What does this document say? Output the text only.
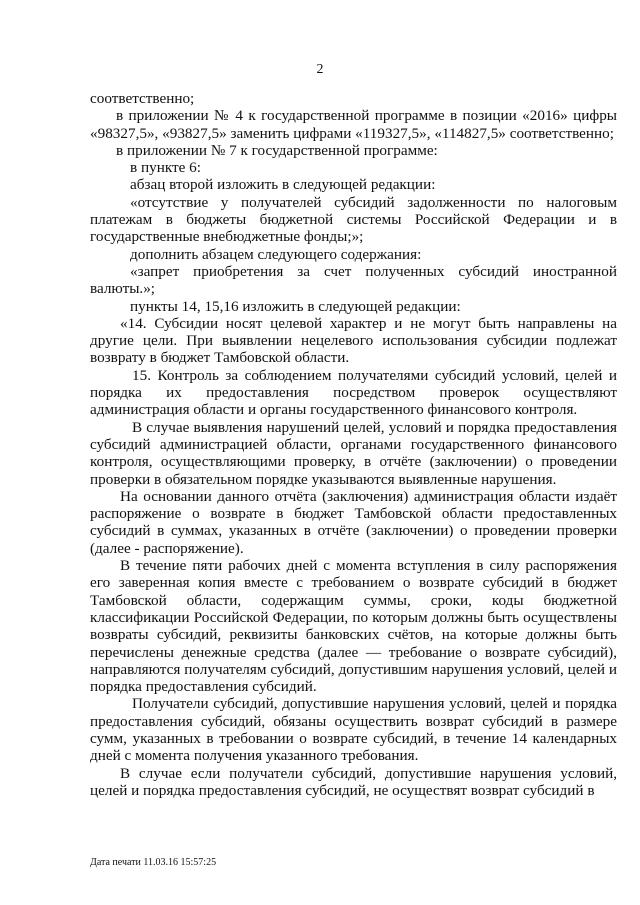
2

соответственно;

в приложении № 4 к государственной программе в позиции «2016» цифры «98327,5», «93827,5» заменить цифрами «119327,5», «114827,5» соответственно;

в приложении № 7 к государственной программе:

в пункте 6:

абзац второй изложить в следующей редакции:

«отсутствие у получателей субсидий задолженности по налоговым платежам в бюджеты бюджетной системы Российской Федерации и в государственные внебюджетные фонды;»;

дополнить абзацем следующего содержания:

«запрет приобретения за счет полученных субсидий иностранной валюты.»;

пункты 14, 15,16 изложить в следующей редакции:

«14. Субсидии носят целевой характер и не могут быть направлены на другие цели. При выявлении нецелевого использования субсидии подлежат возврату в бюджет Тамбовской области.

15. Контроль за соблюдением получателями субсидий условий, целей и порядка их предоставления посредством проверок осуществляют администрация области и органы государственного финансового контроля.

В случае выявления нарушений целей, условий и порядка предоставления субсидий администрацией области, органами государственного финансового контроля, осуществляющими проверку, в отчёте (заключении) о проведении проверки в обязательном порядке указываются выявленные нарушения.

На основании данного отчёта (заключения) администрация области издаёт распоряжение о возврате в бюджет Тамбовской области предоставленных субсидий в суммах, указанных в отчёте (заключении) о проведении проверки (далее - распоряжение).

В течение пяти рабочих дней с момента вступления в силу распоряжения его заверенная копия вместе с требованием о возврате субсидий в бюджет Тамбовской области, содержащим суммы, сроки, коды бюджетной классификации Российской Федерации, по которым должны быть осуществлены возвраты субсидий, реквизиты банковских счётов, на которые должны быть перечислены денежные средства (далее — требование о возврате субсидий), направляются получателям субсидий, допустившим нарушения условий, целей и порядка предоставления субсидий.

Получатели субсидий, допустившие нарушения условий, целей и порядка предоставления субсидий, обязаны осуществить возврат субсидий в размере сумм, указанных в требовании о возврате субсидий, в течение 14 календарных дней с момента получения указанного требования.

В случае если получатели субсидий, допустившие нарушения условий, целей и порядка предоставления субсидий, не осуществят возврат субсидий в

Дата печати 11.03.16 15:57:25
